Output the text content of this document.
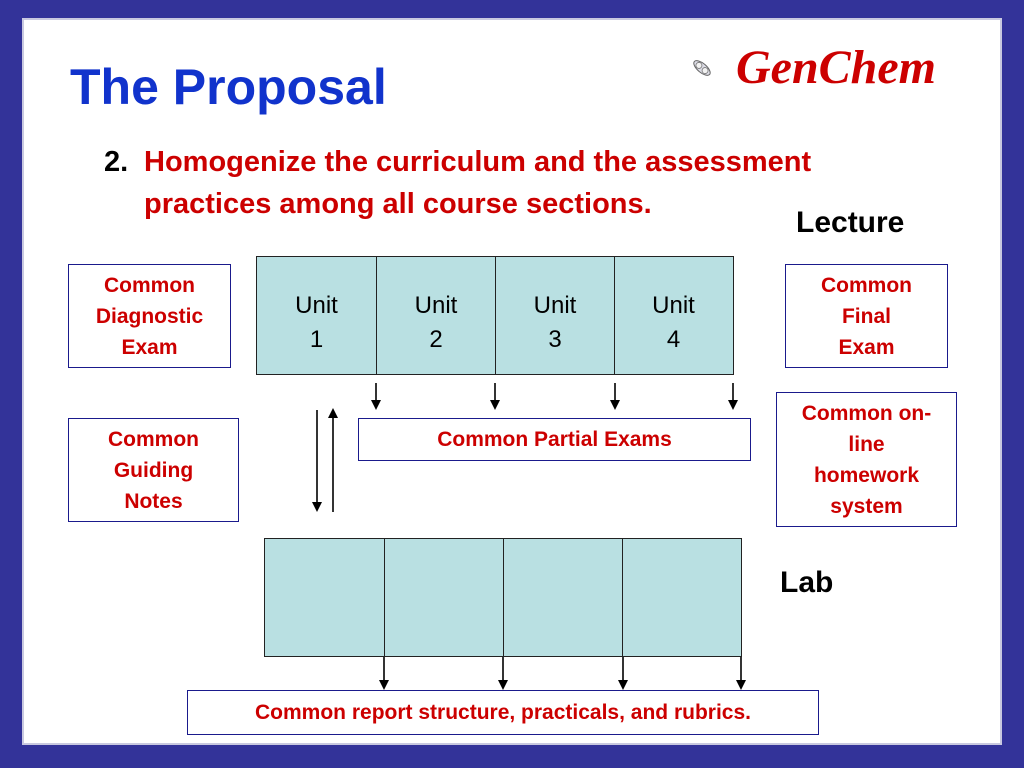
The Proposal	GenChem
2. Homogenize the curriculum and the assessment
practices among all course sections.
Lecture
Lab
Common
Diagnostic
Exam
Common
Guiding
Notes
Common
Final
Exam
Common on-
line
homework
system
Unit
1
Unit
2
Unit
3
Unit
4
Common Partial Exams
Common report structure, practicals, and rubrics.
